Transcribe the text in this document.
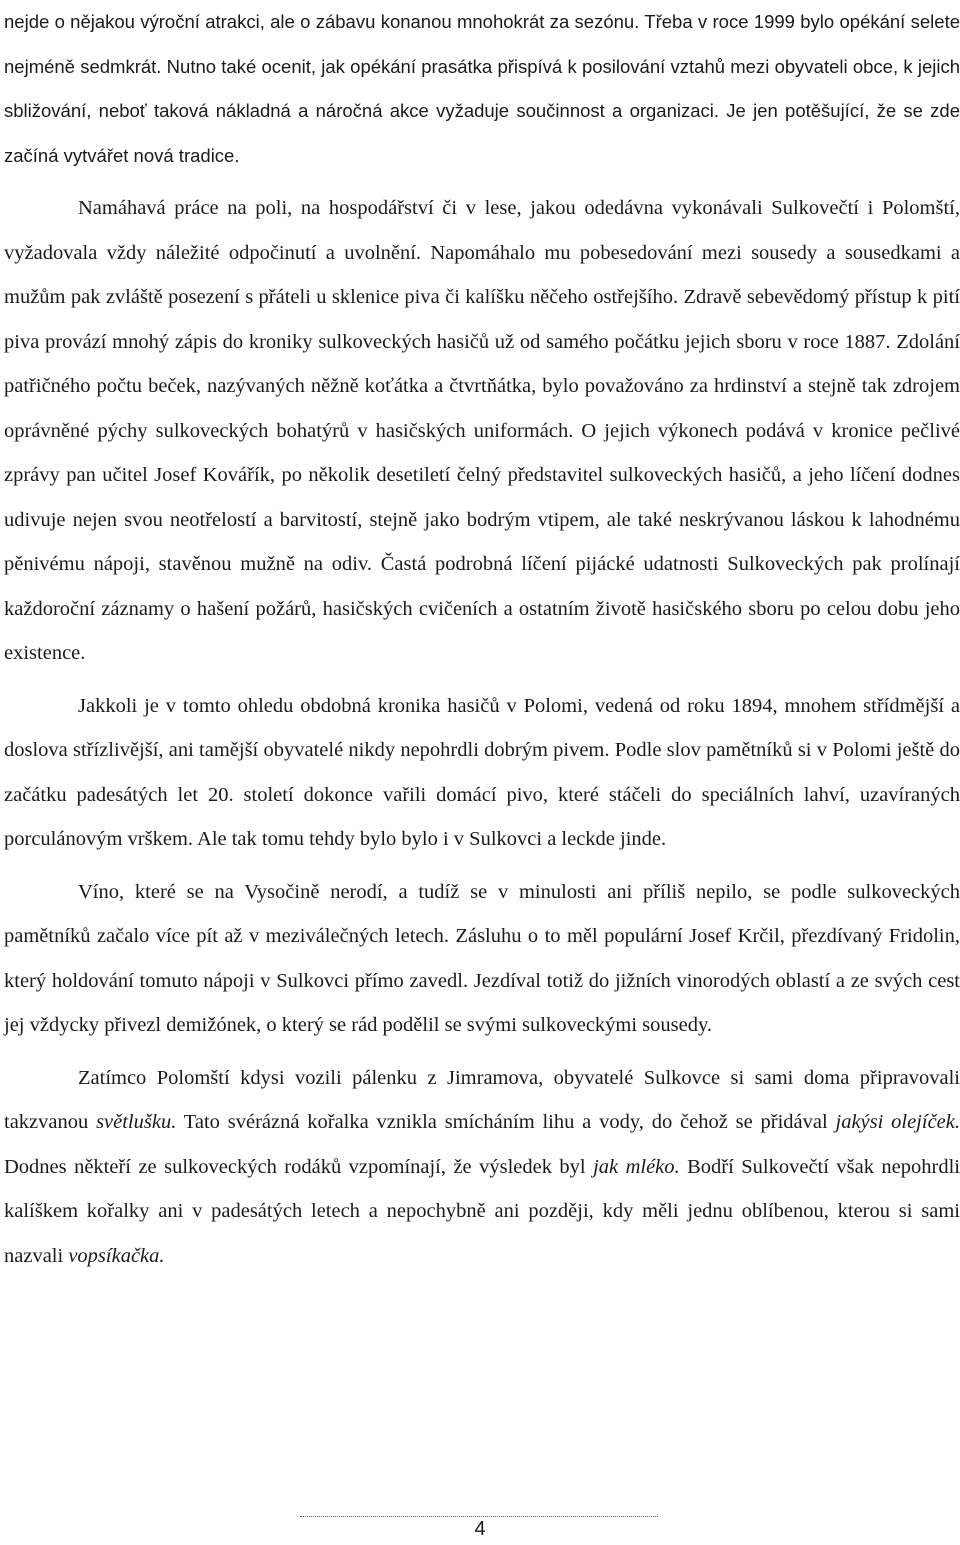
nejde o nějakou výroční atrakci, ale o zábavu konanou mnohokrát za sezónu. Třeba v roce 1999 bylo opékání selete nejméně sedmkrát. Nutno také ocenit, jak opékání prasátka přispívá k posilování vztahů mezi obyvateli obce, k jejich sbližování, neboť taková nákladná a náročná akce vyžaduje součinnost a organizaci. Je jen potěšující, že se zde začíná vytvářet nová tradice.

Namáhavá práce na poli, na hospodářství či v lese, jakou odedávna vykonávali Sulkovečtí i Polomští, vyžadovala vždy náležité odpočinutí a uvolnění. Napomáhalo mu pobesedování mezi sousedy a sousedkami a mužům pak zvláště posezení s přáteli u sklenice piva či kalíšku něčeho ostřejšího. Zdravě sebevědomý přístup k pití piva provází mnohý zápis do kroniky sulkoveckých hasičů už od samého počátku jejich sboru v roce 1887. Zdolání patřičného počtu beček, nazývaných něžně koťátka a čtvrtňátka, bylo považováno za hrdinství a stejně tak zdrojem oprávněné pýchy sulkoveckých bohatýrů v hasičských uniformách. O jejich výkonech podává v kronice pečlivé zprávy pan učitel Josef Kovářík, po několik desetiletí čelný představitel sulkoveckých hasičů, a jeho líčení dodnes udivuje nejen svou neotřelostí a barvitostí, stejně jako bodrým vtipem, ale také neskrývanou láskou k lahodnému pěnivému nápoji, stavěnou mužně na odiv. Častá podrobná líčení pijácké udatnosti Sulkoveckých pak prolínají každoroční záznamy o hašení požárů, hasičských cvičeních a ostatním životě hasičského sboru po celou dobu jeho existence.

Jakkoli je v tomto ohledu obdobná kronika hasičů v Polomi, vedená od roku 1894, mnohem střídmější a doslova střízlivější, ani tamější obyvatelé nikdy nepohrdli dobrým pivem. Podle slov pamětníků si v Polomi ještě do začátku padesátých let 20. století dokonce vařili domácí pivo, které stáčeli do speciálních lahví, uzavíraných porculánovým vrškem. Ale tak tomu tehdy bylo bylo i v Sulkovci a leckde jinde.

Víno, které se na Vysočině nerodí, a tudíž se v minulosti ani příliš nepilo, se podle sulkoveckých pamětníků začalo více pít až v meziválečných letech. Zásluhu o to měl populární Josef Krčil, přezdívaný Fridolin, který holdování tomuto nápoji v Sulkovci přímo zavedl. Jezdíval totiž do jižních vinorodých oblastí a ze svých cest jej vždycky přivezl demižónek, o který se rád podělil se svými sulkoveckými sousedy.

Zatímco Polomští kdysi vozili pálenku z Jimramova, obyvatelé Sulkovce si sami doma připravovali takzvanou světlušku. Tato svérázná kořalka vznikla smícháním lihu a vody, do čehož se přidával jakýsi olejíček. Dodnes někteří ze sulkoveckých rodáků vzpomínají, že výsledek byl jak mléko. Bodří Sulkovečtí však nepohrdli kalíškem kořalky ani v padesátých letech a nepochybně ani později, kdy měli jednu oblíbenou, kterou si sami nazvali vopsíkačka.

4
